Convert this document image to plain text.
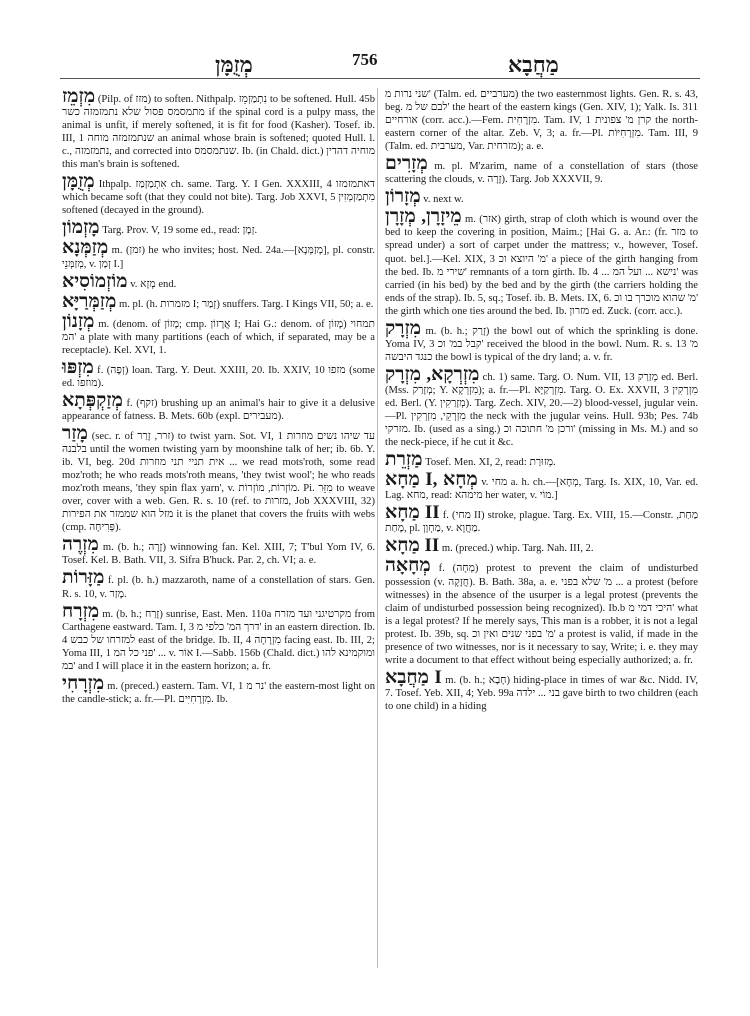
מְזֻמָּן	756	מַחֲבָא

מִזְמֵז (Pilp. of מזז) to soften. Nithpalp. נִתְמַזְמֵז to be softened. Hull. 45b מתמסמס פסול שלא נתמזמזה כשר if the spinal cord is a pulpy mass, the animal is unfit, if merely softened, it is fit for food (Kasher). Tosef. ib. III, 1 שנתמזמזה מוחה an animal whose brain is softened; quoted Hull. l. c., נתמזמזה, and corrected into שנתמסמס. Ib. (in Chald. dict.) מוחיה דהדין this man's brain is softened.

מְזֻמָּן Ithpalp. אִתְמַזְמַז ch. same. Targ. Y. I Gen. XXXIII, 4 דאתמזמזו which became soft (that they could not bite). Targ. Job XXVI, 5 מִתְמַזְמְזִין softened (decayed in the ground).

מָזְמוֹן Targ. Prov. V, 19 some ed., read: זְמָן.

מְזַמְּנָא m. (זמן) he who invites; host. Ned. 24a.—[מְזַמְּנָא], pl. constr. מְזַמְּנֵי, v. זְמַן I.]

מוֹזְמוֹסִיא v. מְזָא end.

מְזַמְּרַיָּא m. pl. (h. מזמרות I; זְמַר) snuffers. Targ. I Kings VII, 50; a. e.

מְזָנוֹן m. (denom. of מָזוֹן; cmp. אֲרָזוֹן I; Hai G.: denom. of מָזוֹן) תמחוי המ' a plate with many partitions (each of which, if separated, may be a receptacle). Kel. XVI, 1.

מִזְפּוּ f. (זְפָה) loan. Targ. Y. Deut. XXIII, 20. Ib. XXIV, 10 מזפו (some ed. מוזפו).

מְזַקְפְּתָא f. (זקף) brushing up an animal's hair to give it a delusive appearance of fatness. B. Mets. 60b (expl. מעבירים).

מָזַר (sec. r. of זרר, זָרַר) to twist yarn. Sot. VI, 1 עד שיהו נשים מוזרות בלבנה until the women twisting yarn by moonshine talk of her; ib. 6b. Y. ib. VI, beg. 20d אית תניי תני מוזרות ... we read mots'roth, some read moz'roth; he who reads mots'roth means, 'they twist wool'; he who reads moz'roth means, 'they spin flax yarn', v. מוֹזְרוֹת, מוֹזְרוֹת. Pi. מִזֵּר to weave over, cover with a web. Gen. R. s. 10 (ref. to מזרות, Job XXXVIII, 32) מזל הוא שממזר את הפירות it is the planet that covers the fruits with webs (cmp. פְּרִיחָה).

מִזְרֶה m. (b. h.; זָרָה) winnowing fan. Kel. XIII, 7; T'bul Yom IV, 6. Tosef. Kel. B. Bath. VII, 3. Sifra B'huck. Par. 2, ch. VI; a. e.

מַזָּרוֹת f. pl. (b. h.) mazzaroth, name of a constellation of stars. Gen. R. s. 10, v. מָזַר.

מִזְרָח m. (b. h.; זָרַח) sunrise, East. Men. 110a מקרטיגני ועד מזרח from Carthagene eastward. Tam. I, 3 דרך המ' כלפי מ' in an eastern direction. Ib. 4 למזרחו של כבש east of the bridge. Ib. II, 4 מִזְרָחָה facing east. Ib. III, 2; Yoma III, 1 פני כל המ' ... v. אוֹר I.—Sabb. 156b (Chald. dict.) ומוקמינא להו במ' and I will place it in the eastern horizon; a. fr.

מִזְרָחִי m. (preced.) eastern. Tam. VI, 1 נר מ' the eastern-most light on the candle-stick; a. fr.—Pl. מִזְרָחִיִּים. Ib.

שני נרות מ' (Talm. ed. מערביים) the two easternmost lights. Gen. R. s. 43, beg. לבם של מ' the heart of the eastern kings (Gen. XIV, 1); Yalk. Is. 311 אורחיים (corr. acc.).—Fem. מִזְרָחִית. Tam. IV, 1 קרן מ' צפונית the north-eastern corner of the altar. Zeb. V, 3; a. fr.—Pl. מִזְרָחִיּוֹת. Tam. III, 9 (Talm. ed. מערבית, Var. מזרחית); a. e.

מְזָרִים m. pl. M'zarim, name of a constellation of stars (those scattering the clouds, v. זָרָה). Targ. Job XXXVII, 9.

מְזָרוֹן v. next w.

מֵיזָרָן, מְזָרָן m. (אזר) girth, strap of cloth which is wound over the bed to keep the covering in position, Maim.; [Hai G. a. Ar.: (fr. מזר to spread under) a sort of carpet under the mattress; v., however, Tosef. quot. bel.].—Kel. XIX, 3 מ' היוצא וכ' a piece of the girth hanging from the bed. Ib. שירי מ' remnants of a torn girth. Ib. 4 ... נישא ... ועל המ' was carried (in his bed) by the bed and by the girth (the carriers holding the ends of the strap). Ib. 5, sq.; Tosef. ib. B. Mets. IX, 6. מ' שהוא מוכרך בו וכ' the girth which one ties around the bed. Ib. מזרון ed. Zuck. (corr. acc.).

מִזְרָק m. (b. h.; זָרַק) the bowl out of which the sprinkling is done. Yoma IV, 3 קבל במ' וכ' received the blood in the bowl. Num. R. s. 13 מ' כנגד היבשה the bowl is typical of the dry land; a. v. fr.

מִזְרְקָא, מִזְרָק ch. 1) same. Targ. O. Num. VII, 13 מְזַרַק ed. Berl. (Mss. מְזָרַק; Y. מִזְרְקָא); a. fr.—Pl. מִזְרְקַיָּא. Targ. O. Ex. XXVII, 3 מִזְרְקִין ed. Berl. (Y. מְזָרַקִין). Targ. Zech. XIV, 20.—2) blood-vessel, jugular vein.—Pl. מִזְרְקֵי, מִזְרְקִין the neck with the jugular veins. Hull. 93b; Pes. 74b מזרקי. Ib. (used as a sing.) ורכן מ' חתוכה וכ' (missing in Ms. M.) and so the neck-piece, if he cut it &c.

מַזְרֵת Tosef. Men. XI, 2, read: מְזוּרַת.

מַחָא I, מְחָא v. מחי a. h. ch.—[מְחָא, Targ. Is. XIX, 10, Var. ed. Lag. מחא, read: מימהא her water, v. מוֹי.]

מַחָא II f. (מחי II) stroke, plague. Targ. Ex. VIII, 15.—Constr. מַחַת, מָחַת, pl. מַחְוָן, v. מַחֲוָא.

מַחָא II m. (preced.) whip. Targ. Nah. III, 2.

מְחָאָה f. (מְחָה) protest to prevent the claim of undisturbed possession (v. חֲזָקָה). B. Bath. 38a, a. e. מ' שלא בפני ... a protest (before witnesses) in the absence of the usurper is a legal protest (prevents the claim of undisturbed possession being recognized). Ib.b היכי דמי מ' what is a legal protest? If he merely says, This man is a robber, it is not a legal protest. Ib. 39b, sq. מ' בפני שנים ואין וכ' a protest is valid, if made in the presence of two witnesses, nor is it necessary to say, Write; i. e. they may write a document to that effect without being especially authorized; a. fr.

מַחֲבָא I m. (b. h.; חָבָא) hiding-place in times of war &c. Nidd. IV, 7. Tosef. Yeb. XII, 4; Yeb. 99a בני ... ילדה gave birth to two children (each to one child) in a hiding
